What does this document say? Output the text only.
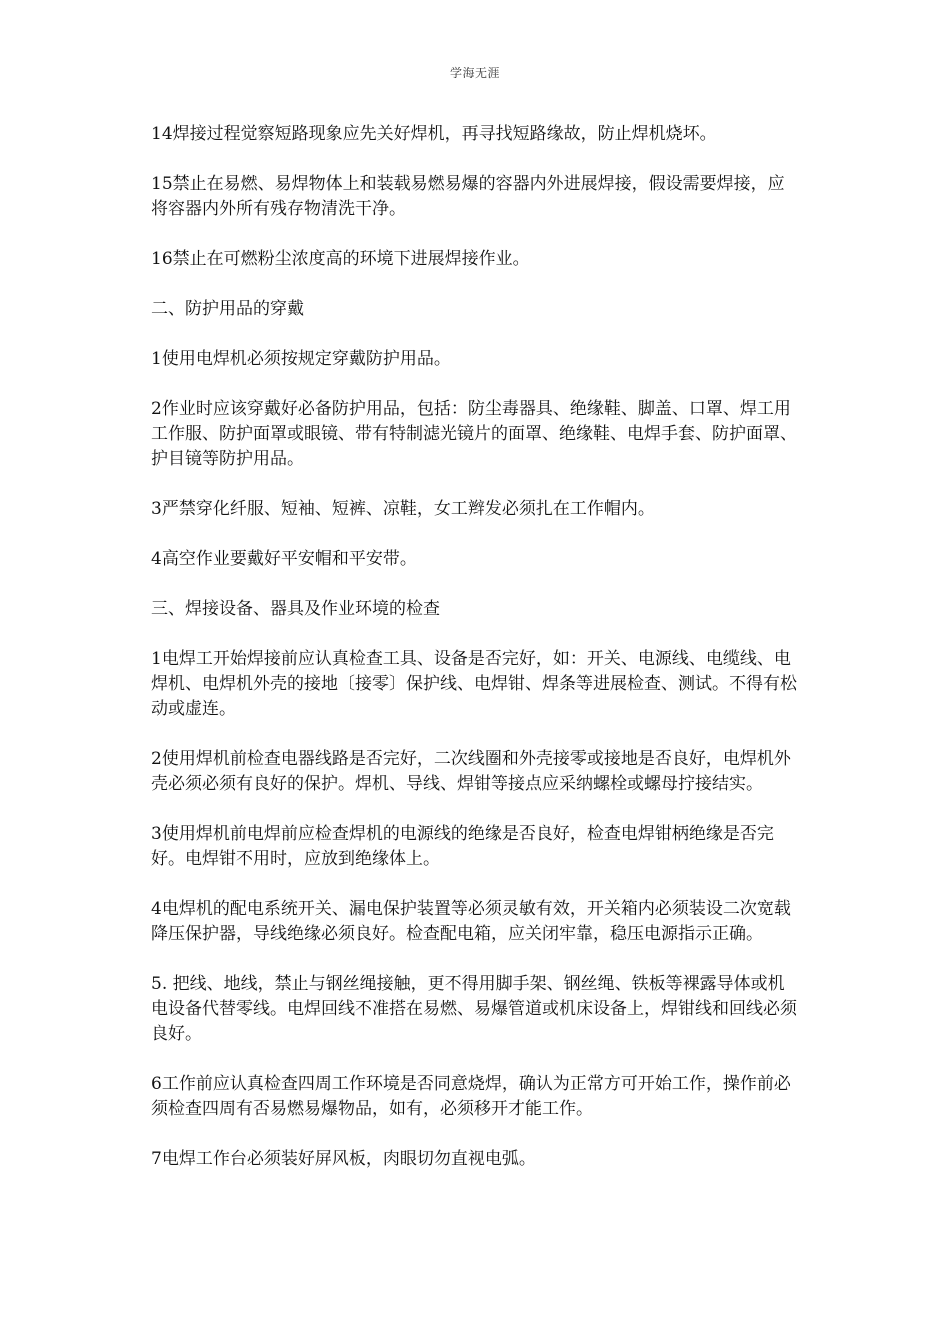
学海无涯

14焊接过程觉察短路现象应先关好焊机，再寻找短路缘故，防止焊机烧坏。

15禁止在易燃、易焊物体上和装载易燃易爆的容器内外进展焊接，假设需要焊接，应将容器内外所有残存物清洗干净。

16禁止在可燃粉尘浓度高的环境下进展焊接作业。

二、防护用品的穿戴

1使用电焊机必须按规定穿戴防护用品。

2作业时应该穿戴好必备防护用品，包括：防尘毒器具、绝缘鞋、脚盖、口罩、焊工用工作服、防护面罩或眼镜、带有特制滤光镜片的面罩、绝缘鞋、电焊手套、防护面罩、护目镜等防护用品。

3严禁穿化纤服、短袖、短裤、凉鞋，女工辫发必须扎在工作帽内。

4高空作业要戴好平安帽和平安带。

三、焊接设备、器具及作业环境的检查

1电焊工开始焊接前应认真检查工具、设备是否完好，如：开关、电源线、电缆线、电焊机、电焊机外壳的接地〔接零〕保护线、电焊钳、焊条等进展检查、测试。不得有松动或虚连。

2使用焊机前检查电器线路是否完好，二次线圈和外壳接零或接地是否良好，电焊机外壳必须必须有良好的保护。焊机、导线、焊钳等接点应采纳螺栓或螺母拧接结实。

3使用焊机前电焊前应检查焊机的电源线的绝缘是否良好，检查电焊钳柄绝缘是否完好。电焊钳不用时，应放到绝缘体上。

4电焊机的配电系统开关、漏电保护装置等必须灵敏有效，开关箱内必须装设二次宽载降压保护器，导线绝缘必须良好。检查配电箱，应关闭牢靠，稳压电源指示正确。

5. 把线、地线，禁止与钢丝绳接触，更不得用脚手架、钢丝绳、铁板等裸露导体或机电设备代替零线。电焊回线不准搭在易燃、易爆管道或机床设备上，焊钳线和回线必须良好。

6工作前应认真检查四周工作环境是否同意烧焊，确认为正常方可开始工作，操作前必须检查四周有否易燃易爆物品，如有，必须移开才能工作。

7电焊工作台必须装好屏风板，肉眼切勿直视电弧。
